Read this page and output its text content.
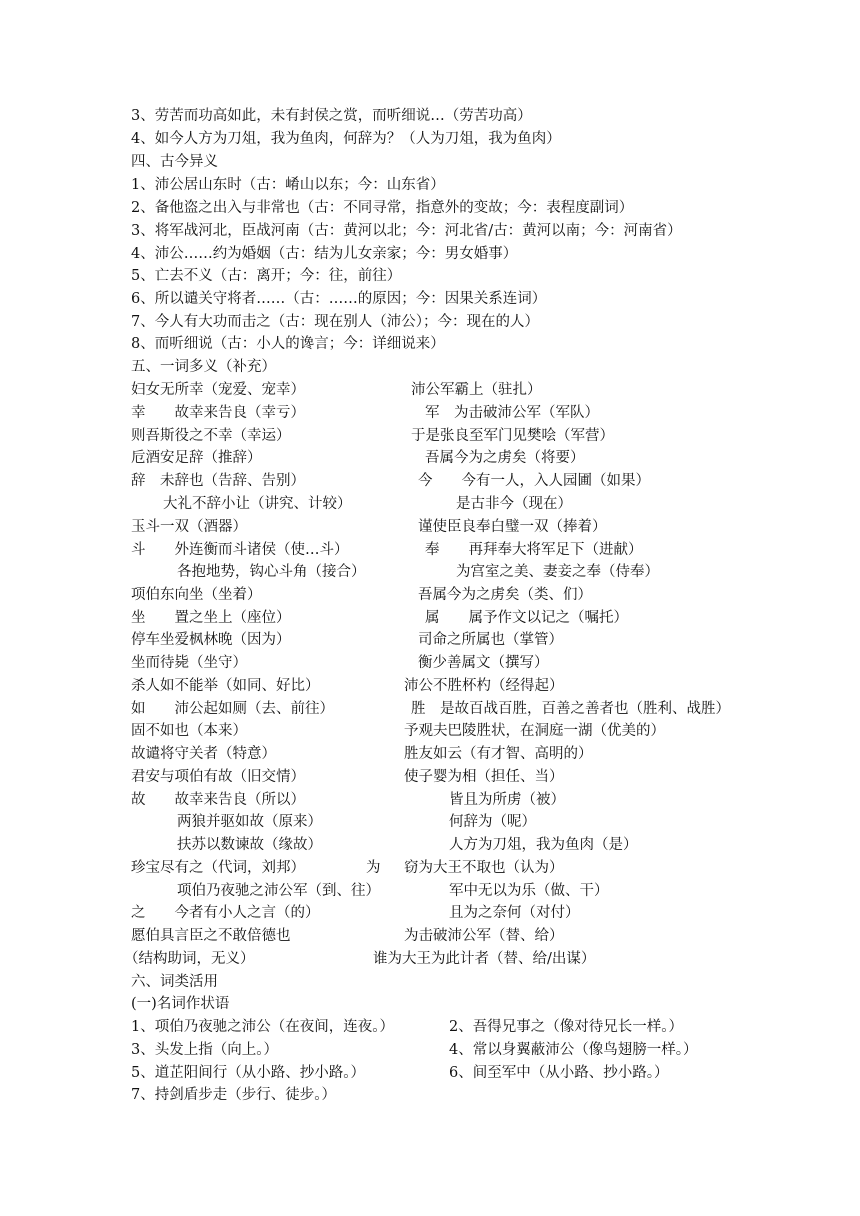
3、劳苦而功高如此，未有封侯之赏，而听细说…（劳苦功高）
4、如今人方为刀俎，我为鱼肉，何辞为？（人为刀俎，我为鱼肉）
四、古今异义
1、沛公居山东时（古：崤山以东；今：山东省）
2、备他盗之出入与非常也（古：不同寻常，指意外的变故；今：表程度副词）
3、将军战河北，臣战河南（古：黄河以北；今：河北省/古：黄河以南；今：河南省）
4、沛公……约为婚姻（古：结为儿女亲家；今：男女婚事）
5、亡去不义（古：离开；今：往，前往）
6、所以谴关守将者……（古：……的原因；今：因果关系连词）
7、今人有大功而击之（古：现在别人（沛公）；今：现在的人）
8、而听细说（古：小人的谗言；今：详细说来）
五、一词多义（补充）
妇女无所幸（宠爱、宠幸）	沛公军霸上（驻扎）
幸　　故幸来告良（幸亏）	军　为击破沛公军（军队）
则吾斯役之不幸（幸运）	于是张良至军门见樊哙（军营）
卮酒安足辞（推辞）	吾属今为之虏矣（将要）
辞　未辞也（告辞、告别）	今　　今有一人，入人园圃（如果）
大礼不辞小让（讲究、计较）	是古非今（现在）
玉斗一双（酒器）	谨使臣良奉白璧一双（捧着）
斗　　外连衡而斗诸侯（使…斗）	奉　　再拜奉大将军足下（进献）
各抱地势，钩心斗角（接合）	为宫室之美、妻妾之奉（侍奉）
项伯东向坐（坐着）	吾属今为之虏矣（类、们）
坐　　置之坐上（座位）	属　　属予作文以记之（嘱托）
停车坐爱枫林晚（因为）	司命之所属也（掌管）
坐而待毙（坐守）	衡少善属文（撰写）
杀人如不能举（如同、好比）	沛公不胜杯杓（经得起）
如　　沛公起如厕（去、前往）	胜　是故百战百胜，百善之善者也（胜利、战胜）
固不如也（本来）	予观夫巴陵胜状，在洞庭一湖（优美的）
故谴将守关者（特意）	胜友如云（有才智、高明的）
君安与项伯有故（旧交情）	使子婴为相（担任、当）
故　　故幸来告良（所以）	皆且为所虏（被）
两狼并驱如故（原来）	何辞为（呢）
扶苏以数谏故（缘故）	人方为刀俎，我为鱼肉（是）
珍宝尽有之（代词，刘邦）	为 窃为大王不取也（认为）
项伯乃夜驰之沛公军（到、往）	军中无以为乐（做、干）
之　　今者有小人之言（的）	且为之奈何（对付）
愿伯具言臣之不敢倍德也	为击破沛公军（替、给）
（结构助词，无义）	谁为大王为此计者（替、给/出谋）
六、词类活用
(一)名词作状语
1、项伯乃夜驰之沛公（在夜间，连夜。）	2、吾得兄事之（像对待兄长一样。）
3、头发上指（向上。）	4、常以身翼蔽沛公（像鸟翅膀一样。）
5、道芷阳间行（从小路、抄小路。）	6、间至军中（从小路、抄小路。）
7、持剑盾步走（步行、徒步。）
